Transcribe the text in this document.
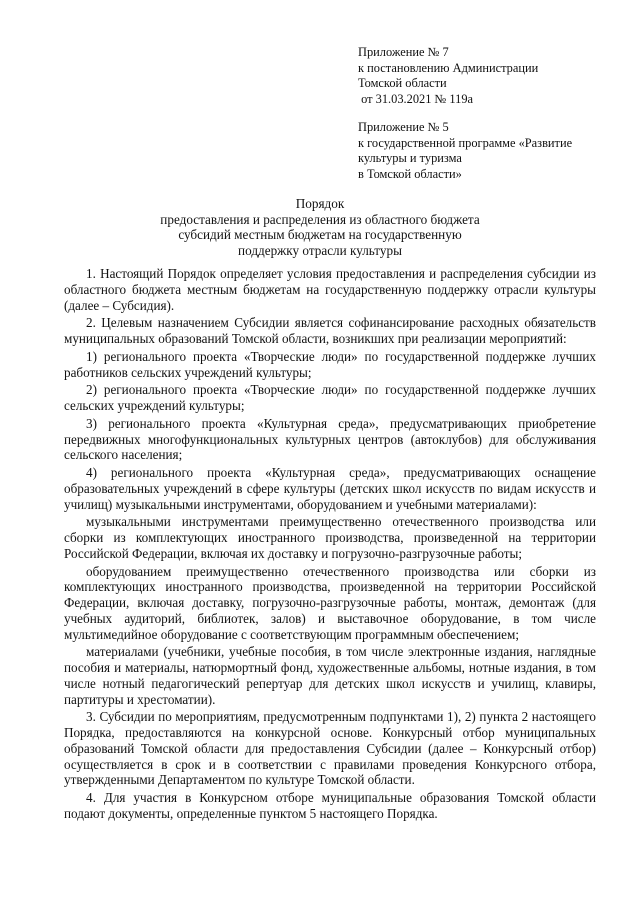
Приложение № 7
к постановлению Администрации
Томской области
от 31.03.2021 № 119а
Приложение № 5
к государственной программе «Развитие
культуры и туризма
в Томской области»
Порядок
предоставления и распределения из областного бюджета
субсидий местным бюджетам на государственную
поддержку отрасли культуры

1. Настоящий Порядок определяет условия предоставления и распределения субсидии из областного бюджета местным бюджетам на государственную поддержку отрасли культуры (далее – Субсидия).

2. Целевым назначением Субсидии является софинансирование расходных обязательств муниципальных образований Томской области, возникших при реализации мероприятий:

1) регионального проекта «Творческие люди» по государственной поддержке лучших работников сельских учреждений культуры;

2) регионального проекта «Творческие люди» по государственной поддержке лучших сельских учреждений культуры;

3) регионального проекта «Культурная среда», предусматривающих приобретение передвижных многофункциональных культурных центров (автоклубов) для обслуживания сельского населения;

4) регионального проекта «Культурная среда», предусматривающих оснащение образовательных учреждений в сфере культуры (детских школ искусств по видам искусств и училищ) музыкальными инструментами, оборудованием и учебными материалами):

музыкальными инструментами преимущественно отечественного производства или сборки из комплектующих иностранного производства, произведенной на территории Российской Федерации, включая их доставку и погрузочно-разгрузочные работы;

оборудованием преимущественно отечественного производства или сборки из комплектующих иностранного производства, произведенной на территории Российской Федерации, включая доставку, погрузочно-разгрузочные работы, монтаж, демонтаж (для учебных аудиторий, библиотек, залов) и выставочное оборудование, в том числе мультимедийное оборудование с соответствующим программным обеспечением;

материалами (учебники, учебные пособия, в том числе электронные издания, наглядные пособия и материалы, натюрмортный фонд, художественные альбомы, нотные издания, в том числе нотный педагогический репертуар для детских школ искусств и училищ, клавиры, партитуры и хрестоматии).

3. Субсидии по мероприятиям, предусмотренным подпунктами 1), 2) пункта 2 настоящего Порядка, предоставляются на конкурсной основе. Конкурсный отбор муниципальных образований Томской области для предоставления Субсидии (далее – Конкурсный отбор) осуществляется в срок и в соответствии с правилами проведения Конкурсного отбора, утвержденными Департаментом по культуре Томской области.

4. Для участия в Конкурсном отборе муниципальные образования Томской области подают документы, определенные пунктом 5 настоящего Порядка.
